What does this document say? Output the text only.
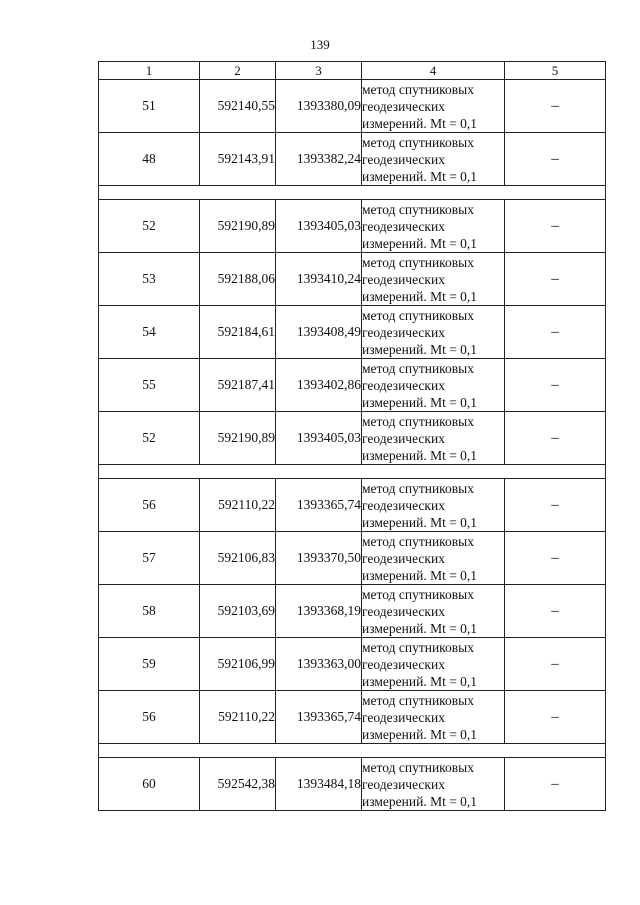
139
1	2	3	4	5
51	592140,55	1393380,09	метод спутниковых
геодезических
измерений. Mt = 0,1	–
48	592143,91	1393382,24	метод спутниковых
геодезических
измерений. Mt = 0,1	–

52	592190,89	1393405,03	метод спутниковых
геодезических
измерений. Mt = 0,1	–
53	592188,06	1393410,24	метод спутниковых
геодезических
измерений. Mt = 0,1	–
54	592184,61	1393408,49	метод спутниковых
геодезических
измерений. Mt = 0,1	–
55	592187,41	1393402,86	метод спутниковых
геодезических
измерений. Mt = 0,1	–
52	592190,89	1393405,03	метод спутниковых
геодезических
измерений. Mt = 0,1	–

56	592110,22	1393365,74	метод спутниковых
геодезических
измерений. Mt = 0,1	–
57	592106,83	1393370,50	метод спутниковых
геодезических
измерений. Mt = 0,1	–
58	592103,69	1393368,19	метод спутниковых
геодезических
измерений. Mt = 0,1	–
59	592106,99	1393363,00	метод спутниковых
геодезических
измерений. Mt = 0,1	–
56	592110,22	1393365,74	метод спутниковых
геодезических
измерений. Mt = 0,1	–

60	592542,38	1393484,18	метод спутниковых
геодезических
измерений. Mt = 0,1	–
